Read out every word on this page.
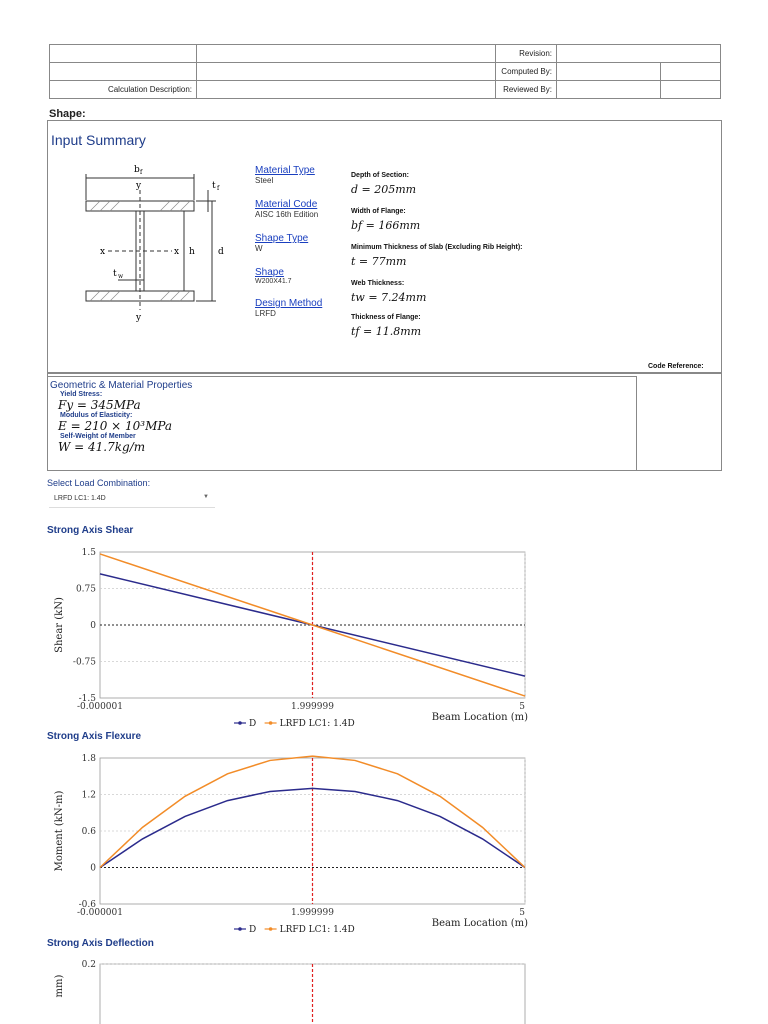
		Revision:		
		Computed By:		
Calculation Description:		Reviewed By:		
Shape:
Input Summary
b f
t f
y
y
x	x h	d
t w
Material Type
Steel
Material Code
AISC 16th Edition
Shape Type
W
Shape
W200X41.7
Design Method
LRFD
Depth of Section:
d = 205mm
Width of Flange:
bf = 166mm
Minimum Thickness of Slab (Excluding Rib Height):
t = 77mm
Web Thickness:
tw = 7.24mm
Thickness of Flange:
tf = 11.8mm
Code Reference:
Geometric & Material Properties
Yield Stress:
Fy = 345MPa
Modulus of Elasticity:
E = 210 × 10³MPa
Self-Weight of Member
W = 41.7kg/m
Select Load Combination:
LRFD LC1: 1.4D	▼
Strong Axis Shear
Strong Axis Flexure
Strong Axis Deflection
1.5
0.75
0
-0.75
-1.5
Shear (kN)
-0.000001	1.999999	5
Beam Location (m)
D	LRFD LC1: 1.4D
1.8
1.2
0.6
0
-0.6
Moment (kN-m)
-0.000001	1.999999	5
Beam Location (m)
D	LRFD LC1: 1.4D
0.2
mm)
